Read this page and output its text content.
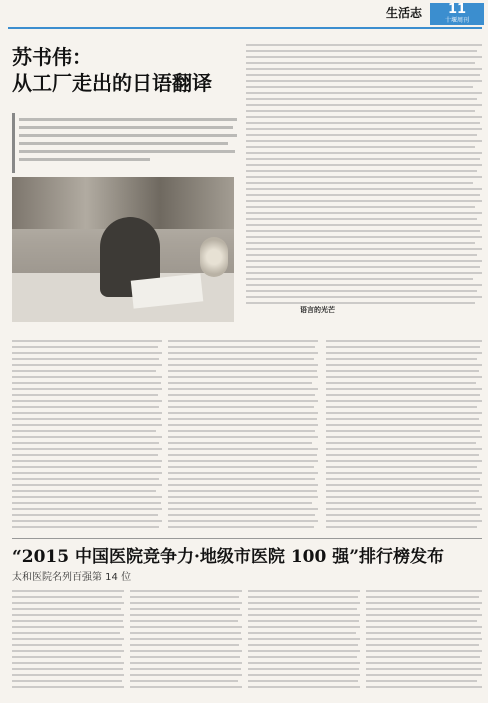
生活志	11
十堰周刊
苏书伟：
从工厂走出的日语翻译
语言的光芒
“2015 中国医院竞争力·地级市医院 100 强”排行榜发布
太和医院名列百强第 14 位
